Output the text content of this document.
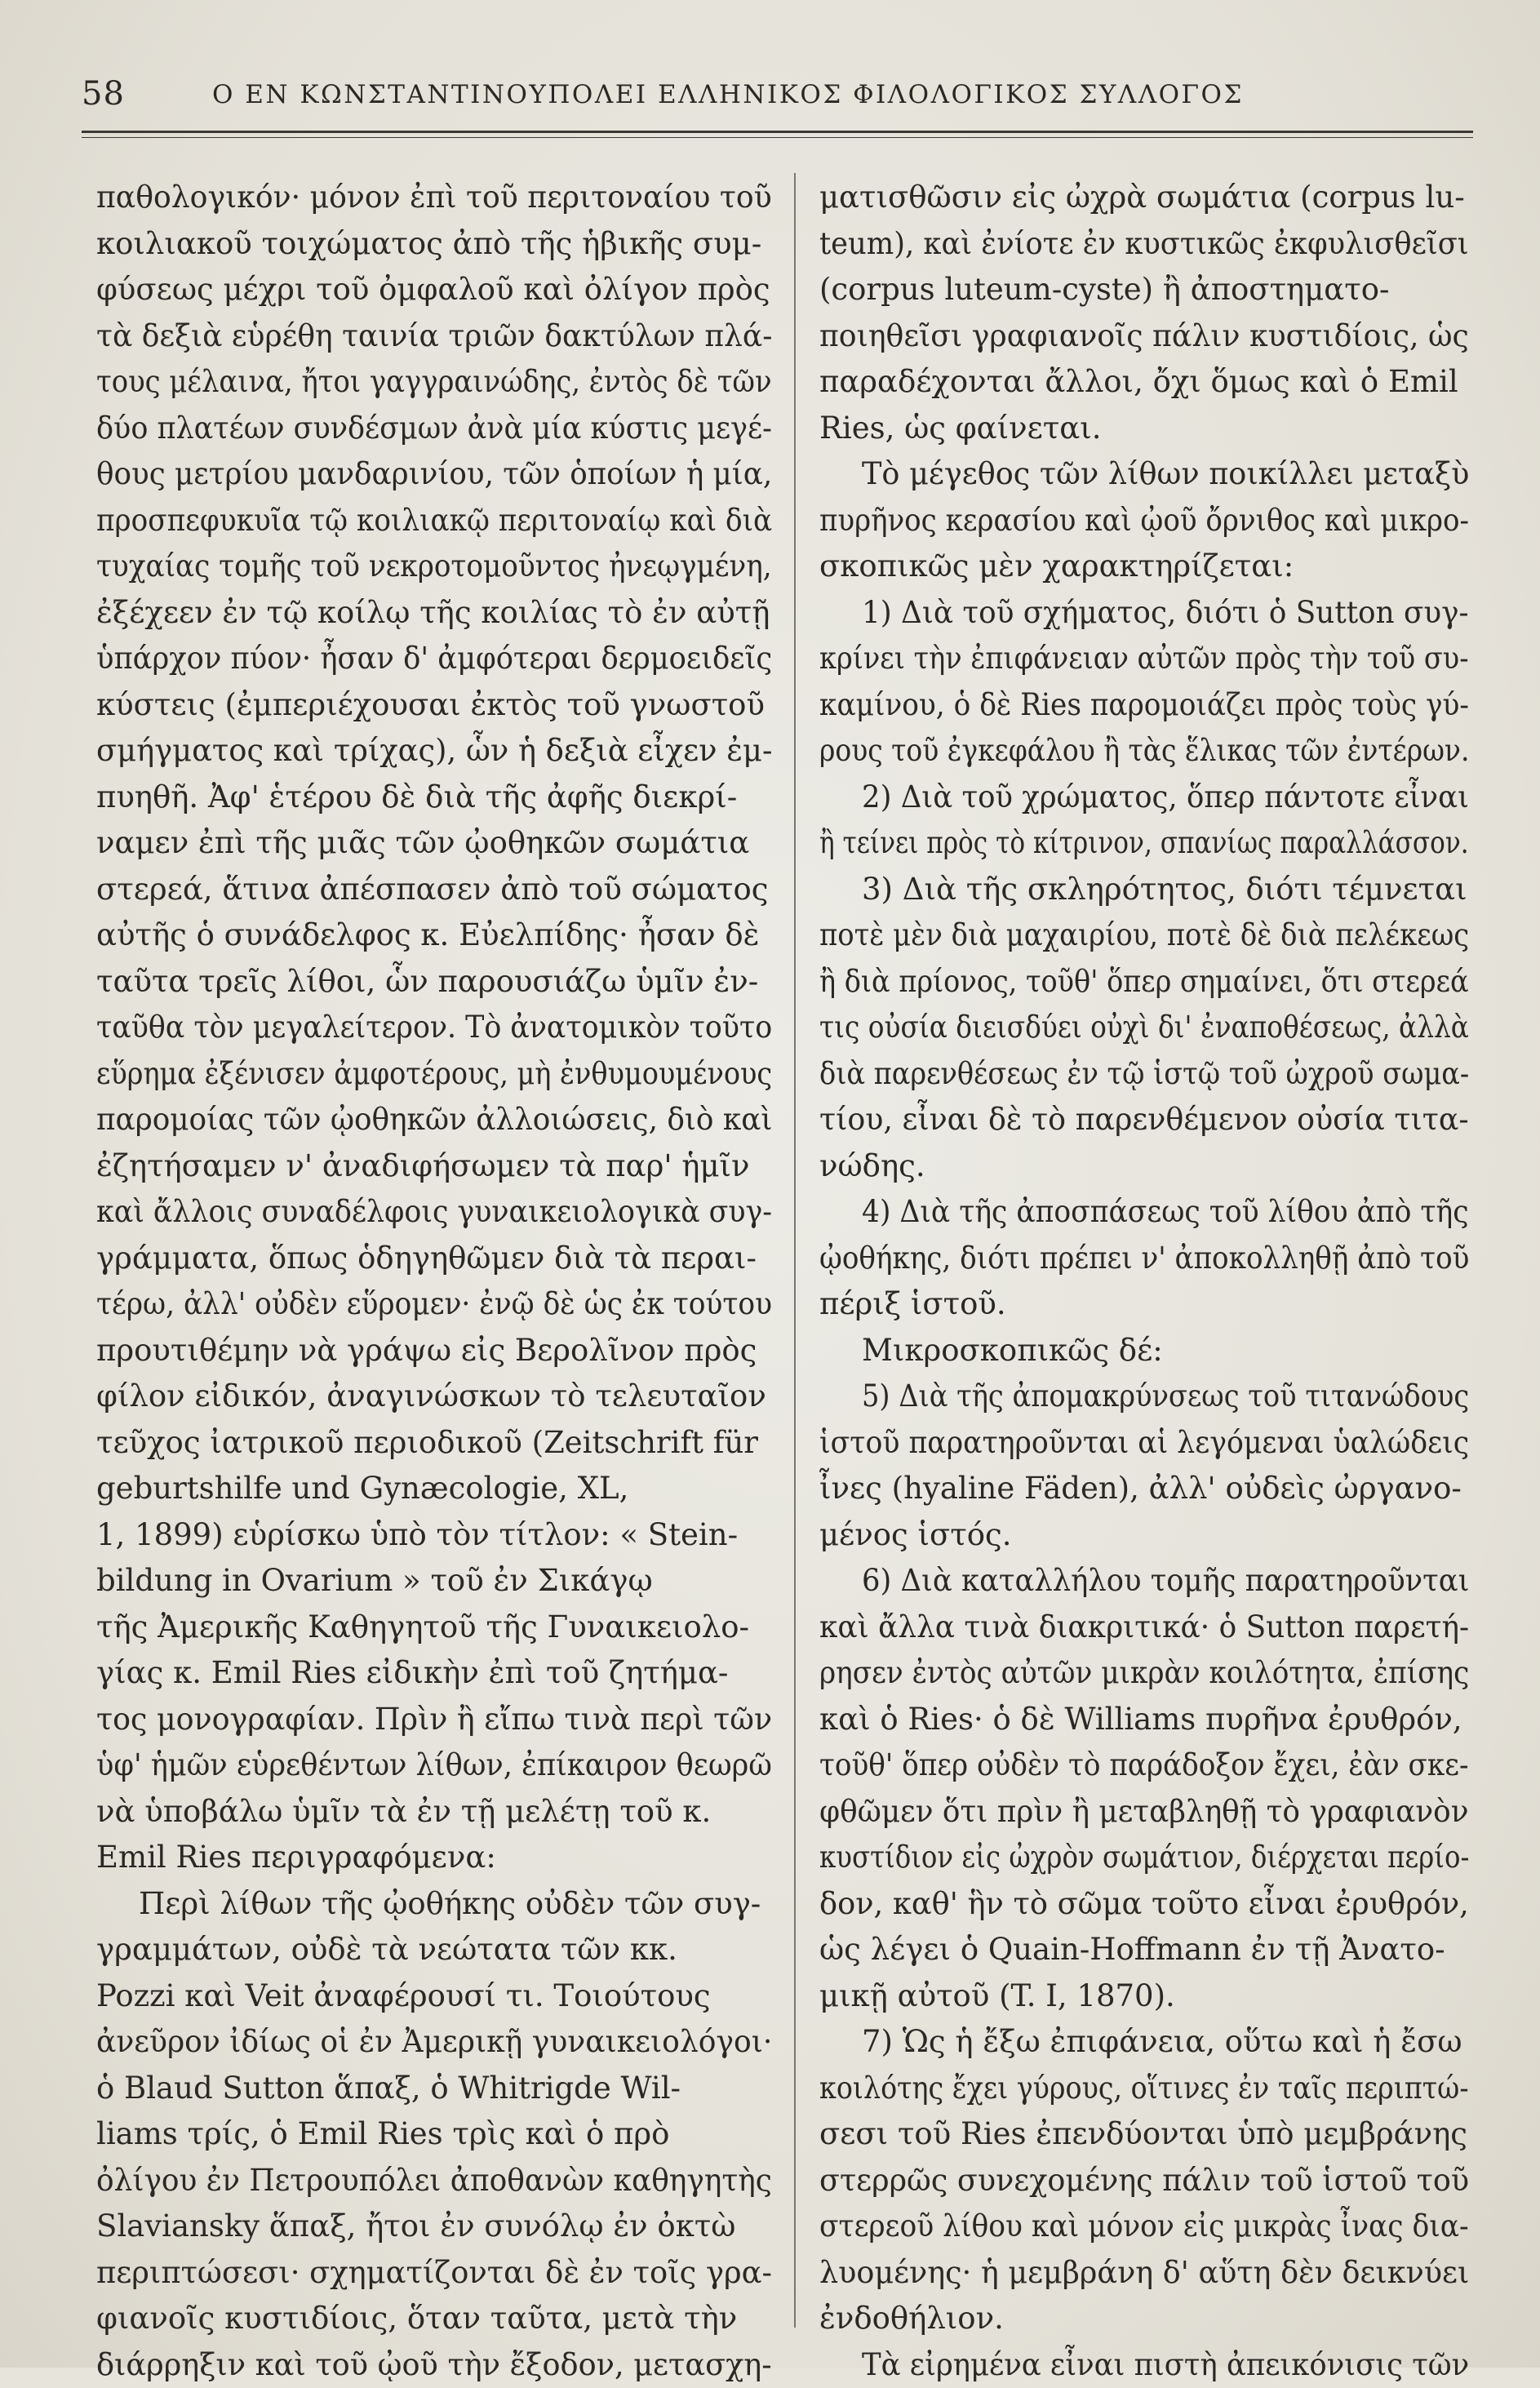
58	Ο ΕΝ ΚΩΝΣΤΑΝΤΙΝΟΥΠΟΛΕΙ ΕΛΛΗΝΙΚΟΣ ΦΙΛΟΛΟΓΙΚΟΣ ΣΥΛΛΟΓΟΣ
παθολογικόν· μόνον ἐπὶ τοῦ περιτοναίου τοῦ
κοιλιακοῦ τοιχώματος ἀπὸ τῆς ἡβικῆς συμ-
φύσεως μέχρι τοῦ ὀμφαλοῦ καὶ ὀλίγον πρὸς
τὰ δεξιὰ εὑρέθη ταινία τριῶν δακτύλων πλά-
τους μέλαινα, ἤτοι γαγγραινώδης, ἐντὸς δὲ τῶν
δύο πλατέων συνδέσμων ἀνὰ μία κύστις μεγέ-
θους μετρίου μανδαρινίου, τῶν ὁποίων ἡ μία,
προσπεφυκυῖα τῷ κοιλιακῷ περιτοναίῳ καὶ διὰ
τυχαίας τομῆς τοῦ νεκροτομοῦντος ἠνεῳγμένη,
ἐξέχεεν ἐν τῷ κοίλῳ τῆς κοιλίας τὸ ἐν αὐτῇ
ὑπάρχον πύον· ἦσαν δ' ἀμφότεραι δερμοειδεῖς
κύστεις (ἐμπεριέχουσαι ἐκτὸς τοῦ γνωστοῦ
σμήγματος καὶ τρίχας), ὧν ἡ δεξιὰ εἶχεν ἐμ-
πυηθῆ. Ἀφ' ἑτέρου δὲ διὰ τῆς ἀφῆς διεκρί-
ναμεν ἐπὶ τῆς μιᾶς τῶν ᾠοθηκῶν σωμάτια
στερεά, ἅτινα ἀπέσπασεν ἀπὸ τοῦ σώματος
αὐτῆς ὁ συνάδελφος κ. Εὐελπίδης· ἦσαν δὲ
ταῦτα τρεῖς λίθοι, ὧν παρουσιάζω ὑμῖν ἐν-
ταῦθα τὸν μεγαλείτερον. Τὸ ἀνατομικὸν τοῦτο
εὕρημα ἐξένισεν ἀμφοτέρους, μὴ ἐνθυμουμένους
παρομοίας τῶν ᾠοθηκῶν ἀλλοιώσεις, διὸ καὶ
ἐζητήσαμεν ν' ἀναδιφήσωμεν τὰ παρ' ἡμῖν
καὶ ἄλλοις συναδέλφοις γυναικειολογικὰ συγ-
γράμματα, ὅπως ὁδηγηθῶμεν διὰ τὰ περαι-
τέρω, ἀλλ' οὐδὲν εὕρομεν· ἐνῷ δὲ ὡς ἐκ τούτου
προυτιθέμην νὰ γράψω εἰς Βερολῖνον πρὸς
φίλον εἰδικόν, ἀναγινώσκων τὸ τελευταῖον
τεῦχος ἰατρικοῦ περιοδικοῦ (Zeitschrift für
geburtshilfe und Gynæcologie, XL,
1, 1899) εὑρίσκω ὑπὸ τὸν τίτλον: « Stein-
bildung in Ovarium » τοῦ ἐν Σικάγῳ
τῆς Ἀμερικῆς Καθηγητοῦ τῆς Γυναικειολο-
γίας κ. Emil Ries εἰδικὴν ἐπὶ τοῦ ζητήμα-
τος μονογραφίαν. Πρὶν ἢ εἴπω τινὰ περὶ τῶν
ὑφ' ἡμῶν εὑρεθέντων λίθων, ἐπίκαιρον θεωρῶ
νὰ ὑποβάλω ὑμῖν τὰ ἐν τῇ μελέτῃ τοῦ κ.
Emil Ries περιγραφόμενα:
Περὶ λίθων τῆς ᾠοθήκης οὐδὲν τῶν συγ-
γραμμάτων, οὐδὲ τὰ νεώτατα τῶν κκ.
Pozzi καὶ Veit ἀναφέρουσί τι. Τοιούτους
ἀνεῦρον ἰδίως οἱ ἐν Ἀμερικῇ γυναικειολόγοι·
ὁ Blaud Sutton ἅπαξ, ὁ Whitrigde Wil-
liams τρίς, ὁ Emil Ries τρὶς καὶ ὁ πρὸ
ὀλίγου ἐν Πετρουπόλει ἀποθανὼν καθηγητὴς
Slaviansky ἅπαξ, ἤτοι ἐν συνόλῳ ἐν ὀκτὼ
περιπτώσεσι· σχηματίζονται δὲ ἐν τοῖς γρα-
φιανοῖς κυστιδίοις, ὅταν ταῦτα, μετὰ τὴν
διάρρηξιν καὶ τοῦ ᾠοῦ τὴν ἔξοδον, μετασχη-
ματισθῶσιν εἰς ὠχρὰ σωμάτια (corpus lu-
teum), καὶ ἐνίοτε ἐν κυστικῶς ἐκφυλισθεῖσι
(corpus luteum-cyste) ἢ ἀποστηματο-
ποιηθεῖσι γραφιανοῖς πάλιν κυστιδίοις, ὡς
παραδέχονται ἄλλοι, ὄχι ὅμως καὶ ὁ Emil
Ries, ὡς φαίνεται.
Τὸ μέγεθος τῶν λίθων ποικίλλει μεταξὺ
πυρῆνος κερασίου καὶ ᾠοῦ ὄρνιθος καὶ μικρο-
σκοπικῶς μὲν χαρακτηρίζεται:
1) Διὰ τοῦ σχήματος, διότι ὁ Sutton συγ-
κρίνει τὴν ἐπιφάνειαν αὐτῶν πρὸς τὴν τοῦ συ-
καμίνου, ὁ δὲ Ries παρομοιάζει πρὸς τοὺς γύ-
ρους τοῦ ἐγκεφάλου ἢ τὰς ἕλικας τῶν ἐντέρων.
2) Διὰ τοῦ χρώματος, ὅπερ πάντοτε εἶναι
ἢ τείνει πρὸς τὸ κίτρινον, σπανίως παραλλάσσον.
3) Διὰ τῆς σκληρότητος, διότι τέμνεται
ποτὲ μὲν διὰ μαχαιρίου, ποτὲ δὲ διὰ πελέκεως
ἢ διὰ πρίονος, τοῦθ' ὅπερ σημαίνει, ὅτι στερεά
τις οὐσία διεισδύει οὐχὶ δι' ἐναποθέσεως, ἀλλὰ
διὰ παρενθέσεως ἐν τῷ ἱστῷ τοῦ ὠχροῦ σωμα-
τίου, εἶναι δὲ τὸ παρενθέμενον οὐσία τιτα-
νώδης.
4) Διὰ τῆς ἀποσπάσεως τοῦ λίθου ἀπὸ τῆς
ᾠοθήκης, διότι πρέπει ν' ἀποκολληθῇ ἀπὸ τοῦ
πέριξ ἱστοῦ.
Μικροσκοπικῶς δέ:
5) Διὰ τῆς ἀπομακρύνσεως τοῦ τιτανώδους
ἱστοῦ παρατηροῦνται αἱ λεγόμεναι ὑαλώδεις
ἶνες (hyaline Fäden), ἀλλ' οὐδεὶς ὠργανο-
μένος ἱστός.
6) Διὰ καταλλήλου τομῆς παρατηροῦνται
καὶ ἄλλα τινὰ διακριτικά· ὁ Sutton παρετή-
ρησεν ἐντὸς αὐτῶν μικρὰν κοιλότητα, ἐπίσης
καὶ ὁ Ries· ὁ δὲ Williams πυρῆνα ἐρυθρόν,
τοῦθ' ὅπερ οὐδὲν τὸ παράδοξον ἔχει, ἐὰν σκε-
φθῶμεν ὅτι πρὶν ἢ μεταβληθῇ τὸ γραφιανὸν
κυστίδιον εἰς ὠχρὸν σωμάτιον, διέρχεται περίο-
δον, καθ' ἣν τὸ σῶμα τοῦτο εἶναι ἐρυθρόν,
ὡς λέγει ὁ Quain-Hoffmann ἐν τῇ Ἀνατο-
μικῇ αὐτοῦ (T. I, 1870).
7) Ὡς ἡ ἔξω ἐπιφάνεια, οὕτω καὶ ἡ ἔσω
κοιλότης ἔχει γύρους, οἵτινες ἐν ταῖς περιπτώ-
σεσι τοῦ Ries ἐπενδύονται ὑπὸ μεμβράνης
στερρῶς συνεχομένης πάλιν τοῦ ἱστοῦ τοῦ
στερεοῦ λίθου καὶ μόνον εἰς μικρὰς ἶνας δια-
λυομένης· ἡ μεμβράνη δ' αὕτη δὲν δεικνύει
ἐνδοθήλιον.
Τὰ εἰρημένα εἶναι πιστὴ ἀπεικόνισις τῶν
